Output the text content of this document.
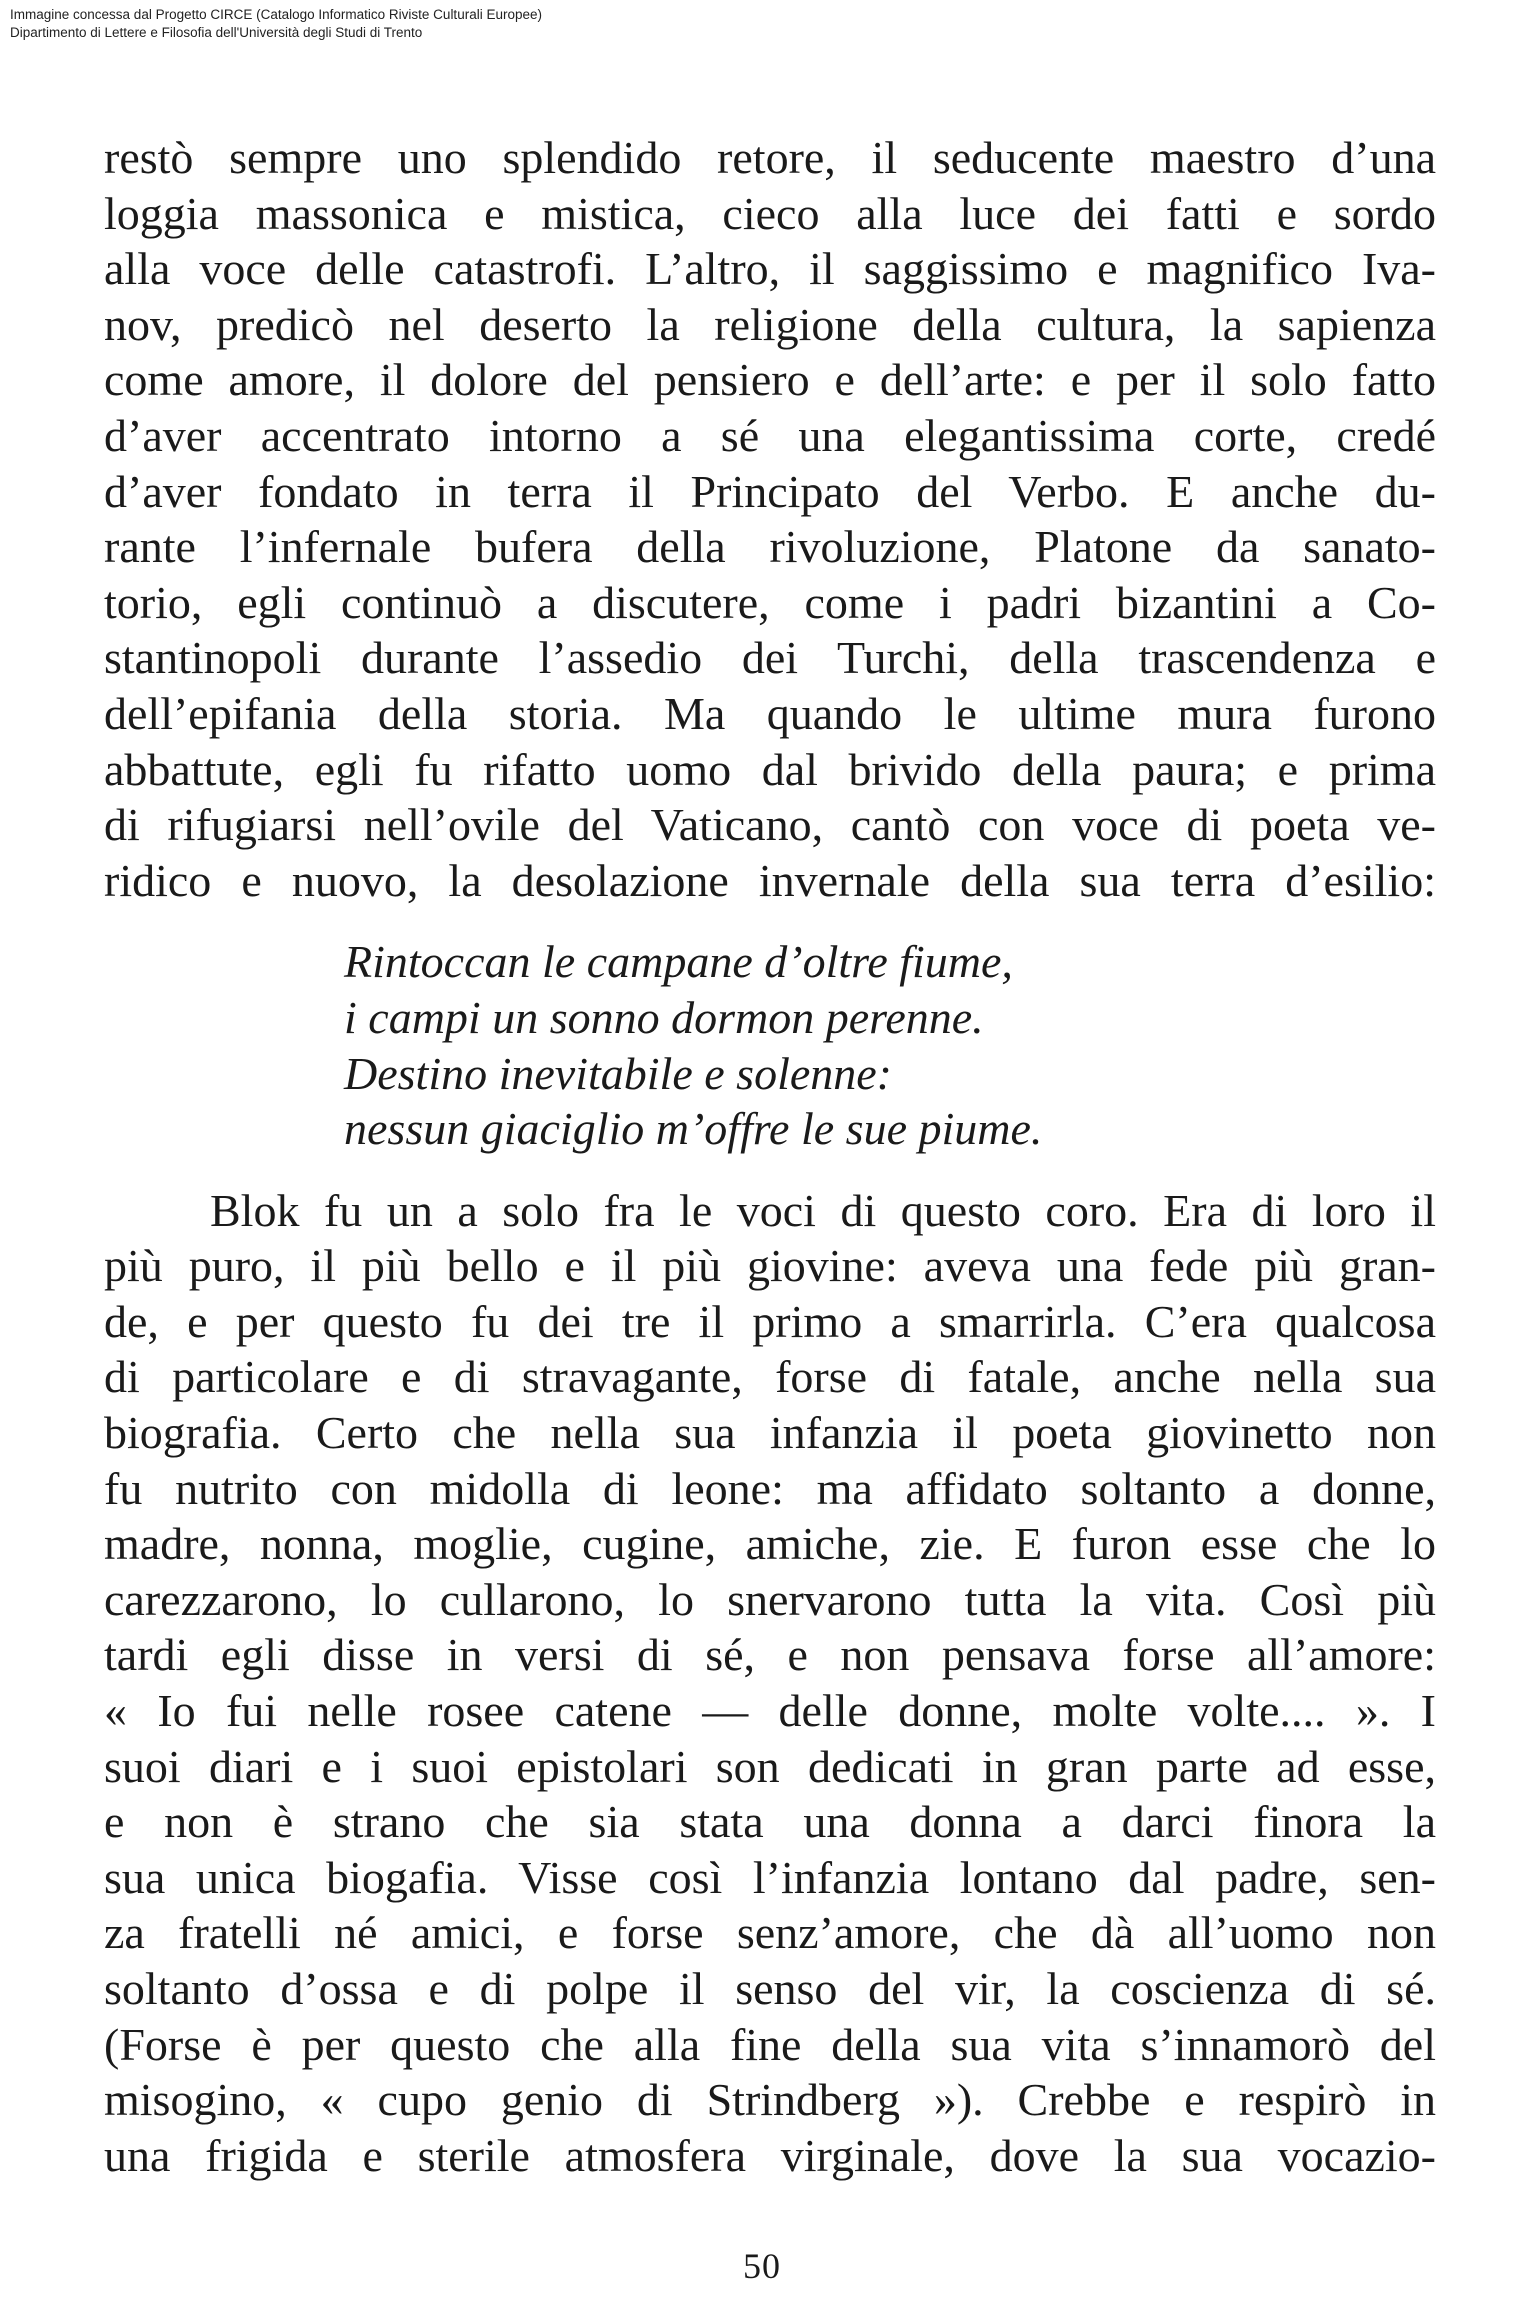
Immagine concessa dal Progetto CIRCE (Catalogo Informatico Riviste Culturali Europee)
Dipartimento di Lettere e Filosofia dell'Università degli Studi di Trento
restò sempre uno splendido retore, il seducente maestro d’una
loggia massonica e mistica, cieco alla luce dei fatti e sordo
alla voce delle catastrofi. L’altro, il saggissimo e magnifico Iva-
nov, predicò nel deserto la religione della cultura, la sapienza
come amore, il dolore del pensiero e dell’arte: e per il solo fatto
d’aver accentrato intorno a sé una elegantissima corte, credé
d’aver fondato in terra il Principato del Verbo. E anche du-
rante l’infernale bufera della rivoluzione, Platone da sanato-
torio, egli continuò a discutere, come i padri bizantini a Co-
stantinopoli durante l’assedio dei Turchi, della trascendenza e
dell’epifania della storia. Ma quando le ultime mura furono
abbattute, egli fu rifatto uomo dal brivido della paura; e prima
di rifugiarsi nell’ovile del Vaticano, cantò con voce di poeta ve-
ridico e nuovo, la desolazione invernale della sua terra d’esilio:
Rintoccan le campane d’oltre fiume,
i campi un sonno dormon perenne.
Destino inevitabile e solenne:
nessun giaciglio m’offre le sue piume.
Blok fu un a solo fra le voci di questo coro. Era di loro il
più puro, il più bello e il più giovine: aveva una fede più gran-
de, e per questo fu dei tre il primo a smarrirla. C’era qualcosa
di particolare e di stravagante, forse di fatale, anche nella sua
biografia. Certo che nella sua infanzia il poeta giovinetto non
fu nutrito con midolla di leone: ma affidato soltanto a donne,
madre, nonna, moglie, cugine, amiche, zie. E furon esse che lo
carezzarono, lo cullarono, lo snervarono tutta la vita. Così più
tardi egli disse in versi di sé, e non pensava forse all’amore:
« Io fui nelle rosee catene — delle donne, molte volte.... ». I
suoi diari e i suoi epistolari son dedicati in gran parte ad esse,
e non è strano che sia stata una donna a darci finora la
sua unica biogafia. Visse così l’infanzia lontano dal padre, sen-
za fratelli né amici, e forse senz’amore, che dà all’uomo non
soltanto d’ossa e di polpe il senso del vir, la coscienza di sé.
(Forse è per questo che alla fine della sua vita s’innamorò del
misogino, « cupo genio di Strindberg »). Crebbe e respirò in
una frigida e sterile atmosfera virginale, dove la sua vocazio-
50
